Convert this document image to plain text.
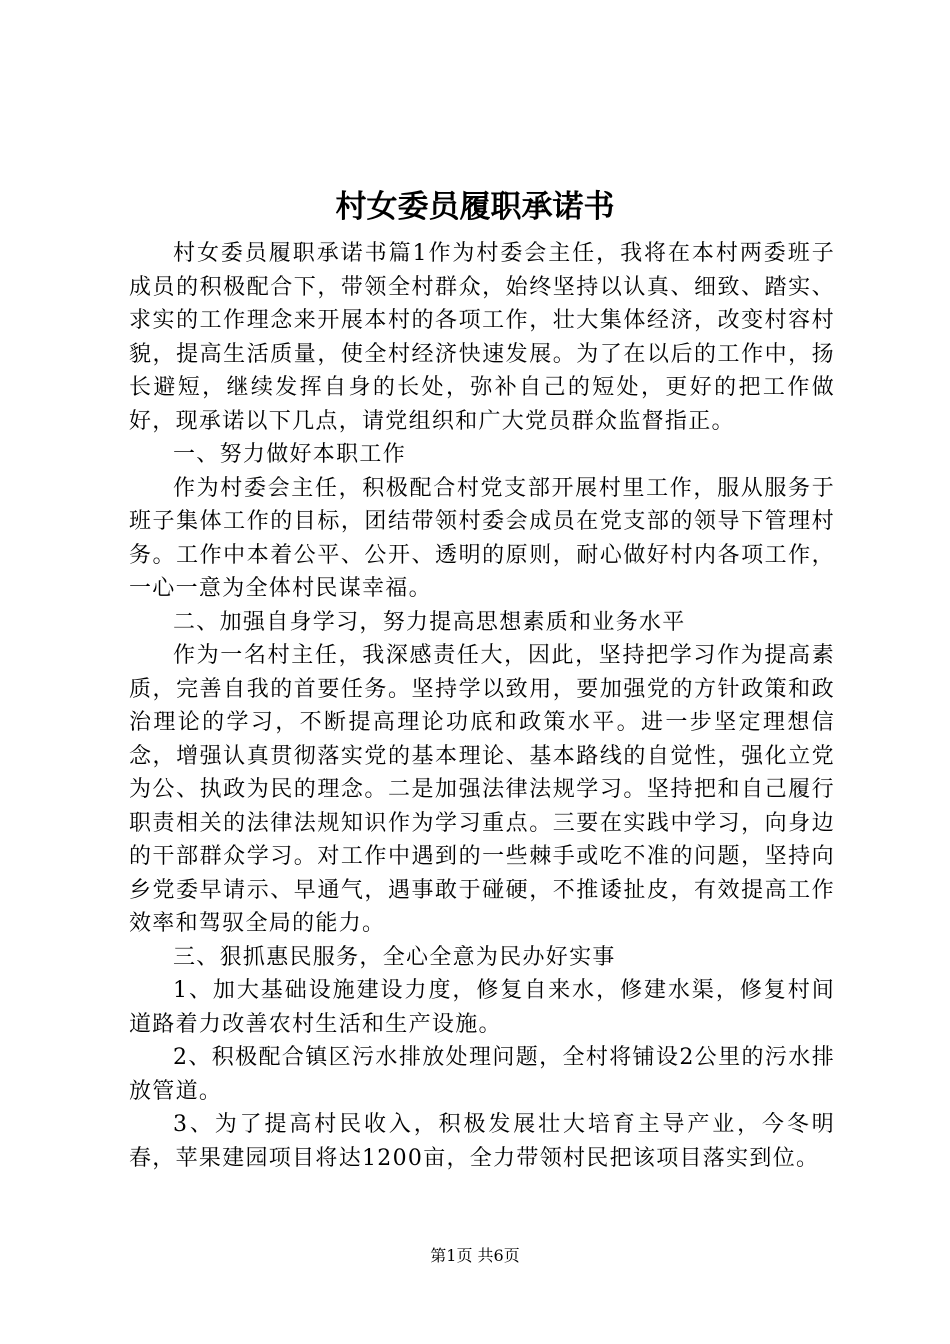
村女委员履职承诺书

村女委员履职承诺书篇1作为村委会主任，我将在本村两委班子成员的积极配合下，带领全村群众，始终坚持以认真、细致、踏实、求实的工作理念来开展本村的各项工作，壮大集体经济，改变村容村貌，提高生活质量，使全村经济快速发展。为了在以后的工作中，扬长避短，继续发挥自身的长处，弥补自己的短处，更好的把工作做好，现承诺以下几点，请党组织和广大党员群众监督指正。

一、努力做好本职工作

作为村委会主任，积极配合村党支部开展村里工作，服从服务于班子集体工作的目标，团结带领村委会成员在党支部的领导下管理村务。工作中本着公平、公开、透明的原则，耐心做好村内各项工作，一心一意为全体村民谋幸福。

二、加强自身学习，努力提高思想素质和业务水平

作为一名村主任，我深感责任大，因此，坚持把学习作为提高素质，完善自我的首要任务。坚持学以致用，要加强党的方针政策和政治理论的学习，不断提高理论功底和政策水平。进一步坚定理想信念，增强认真贯彻落实党的基本理论、基本路线的自觉性，强化立党为公、执政为民的理念。二是加强法律法规学习。坚持把和自己履行职责相关的法律法规知识作为学习重点。三要在实践中学习，向身边的干部群众学习。对工作中遇到的一些棘手或吃不准的问题，坚持向乡党委早请示、早通气，遇事敢于碰硬，不推诿扯皮，有效提高工作效率和驾驭全局的能力。

三、狠抓惠民服务，全心全意为民办好实事

1、加大基础设施建设力度，修复自来水，修建水渠，修复村间道路着力改善农村生活和生产设施。

2、积极配合镇区污水排放处理问题，全村将铺设2公里的污水排放管道。

3、为了提高村民收入，积极发展壮大培育主导产业，今冬明春，苹果建园项目将达1200亩，全力带领村民把该项目落实到位。

第1页 共6页
